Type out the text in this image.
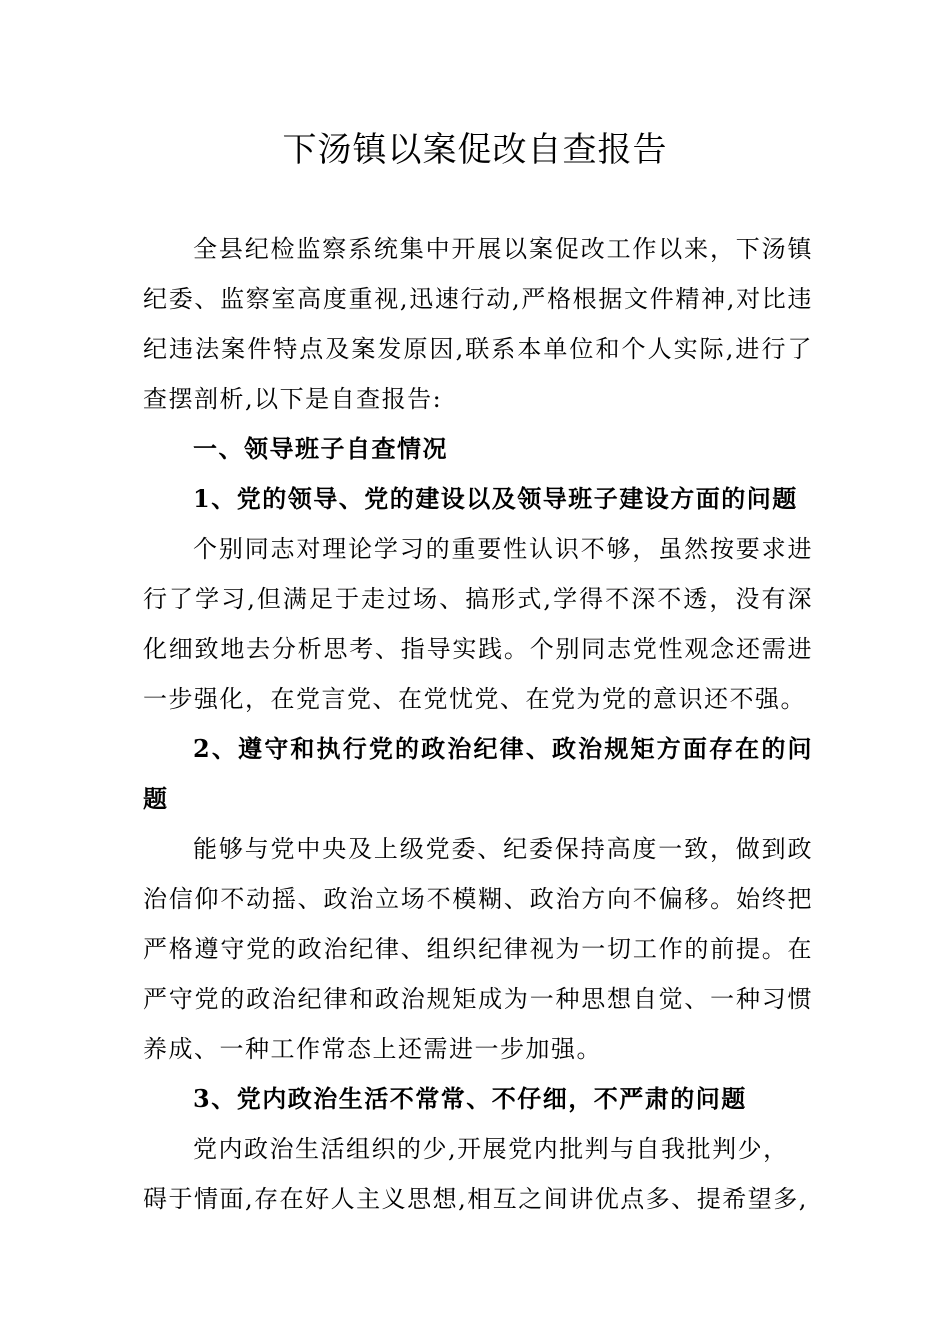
下汤镇以案促改自查报告
全县纪检监察系统集中开展以案促改工作以来，下汤镇纪委、监察室高度重视,迅速行动,严格根据文件精神,对比违纪违法案件特点及案发原因,联系本单位和个人实际,进行了查摆剖析,以下是自查报告:
一、领导班子自查情况
1、党的领导、党的建设以及领导班子建设方面的问题
个别同志对理论学习的重要性认识不够，虽然按要求进行了学习,但满足于走过场、搞形式,学得不深不透，没有深化细致地去分析思考、指导实践。个别同志党性观念还需进一步强化，在党言党、在党忧党、在党为党的意识还不强。
2、遵守和执行党的政治纪律、政治规矩方面存在的问题
能够与党中央及上级党委、纪委保持高度一致，做到政治信仰不动摇、政治立场不模糊、政治方向不偏移。始终把严格遵守党的政治纪律、组织纪律视为一切工作的前提。在严守党的政治纪律和政治规矩成为一种思想自觉、一种习惯养成、一种工作常态上还需进一步加强。
3、党内政治生活不常常、不仔细，不严肃的问题
党内政治生活组织的少,开展党内批判与自我批判少，
碍于情面,存在好人主义思想,相互之间讲优点多、提希望多,
